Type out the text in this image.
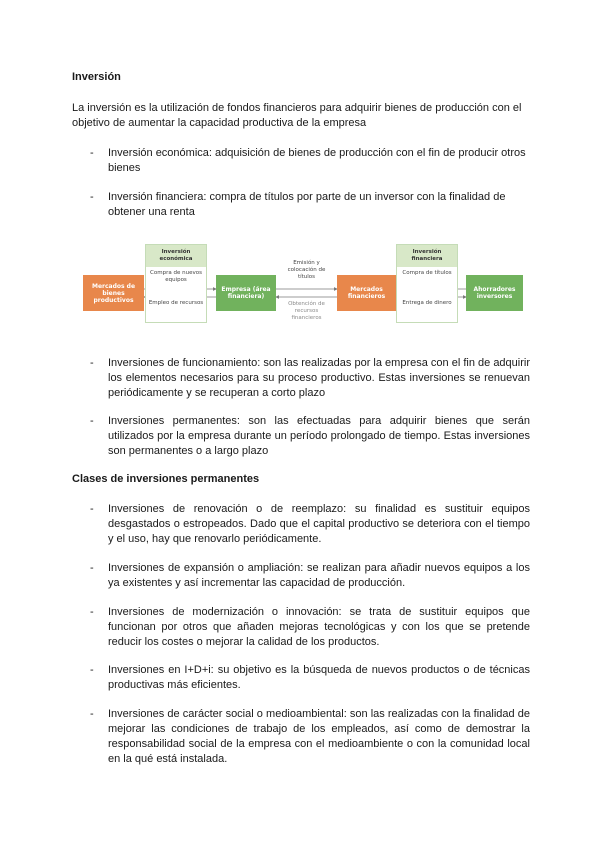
Inversión

La inversión es la utilización de fondos financieros para adquirir bienes de producción con el objetivo de aumentar la capacidad productiva de la empresa

-	Inversión económica: adquisición de bienes de producción con el fin de producir otros bienes
-	Inversión financiera: compra de títulos por parte de un inversor con la finalidad de obtener una renta
Mercados de bienes productivos
Inversión económica
Compra de nuevos equipos
Empleo de recursos
Empresa (área financiera)
Emisión y colocación de títulos
Obtención de recursos financieros
Mercados financieros
Inversión financiera
Compra de títulos
Entrega de dinero
Ahorradores inversores
-	Inversiones de funcionamiento: son las realizadas por la empresa con el fin de adquirir los elementos necesarios para su proceso productivo. Estas inversiones se renuevan periódicamente y se recuperan a corto plazo
-	Inversiones permanentes: son las efectuadas para adquirir bienes que serán utilizados por la empresa durante un período prolongado de tiempo. Estas inversiones son permanentes o a largo plazo
Clases de inversiones permanentes
-	Inversiones de renovación o de reemplazo: su finalidad es sustituir equipos desgastados o estropeados. Dado que el capital productivo se deteriora con el tiempo y el uso, hay que renovarlo periódicamente.
-	Inversiones de expansión o ampliación: se realizan para añadir nuevos equipos a los ya existentes y así incrementar las capacidad de producción.
-	Inversiones de modernización o innovación: se trata de sustituir equipos que funcionan por otros que añaden mejoras tecnológicas y con los que se pretende reducir los costes o mejorar la calidad de los productos.
-	Inversiones en I+D+i: su objetivo es la búsqueda de nuevos productos o de técnicas productivas más eficientes.
-	Inversiones de carácter social o medioambiental: son las realizadas con la finalidad de mejorar las condiciones de trabajo de los empleados, así como de demostrar la responsabilidad social de la empresa con el medioambiente o con la comunidad local en la qué está instalada.
